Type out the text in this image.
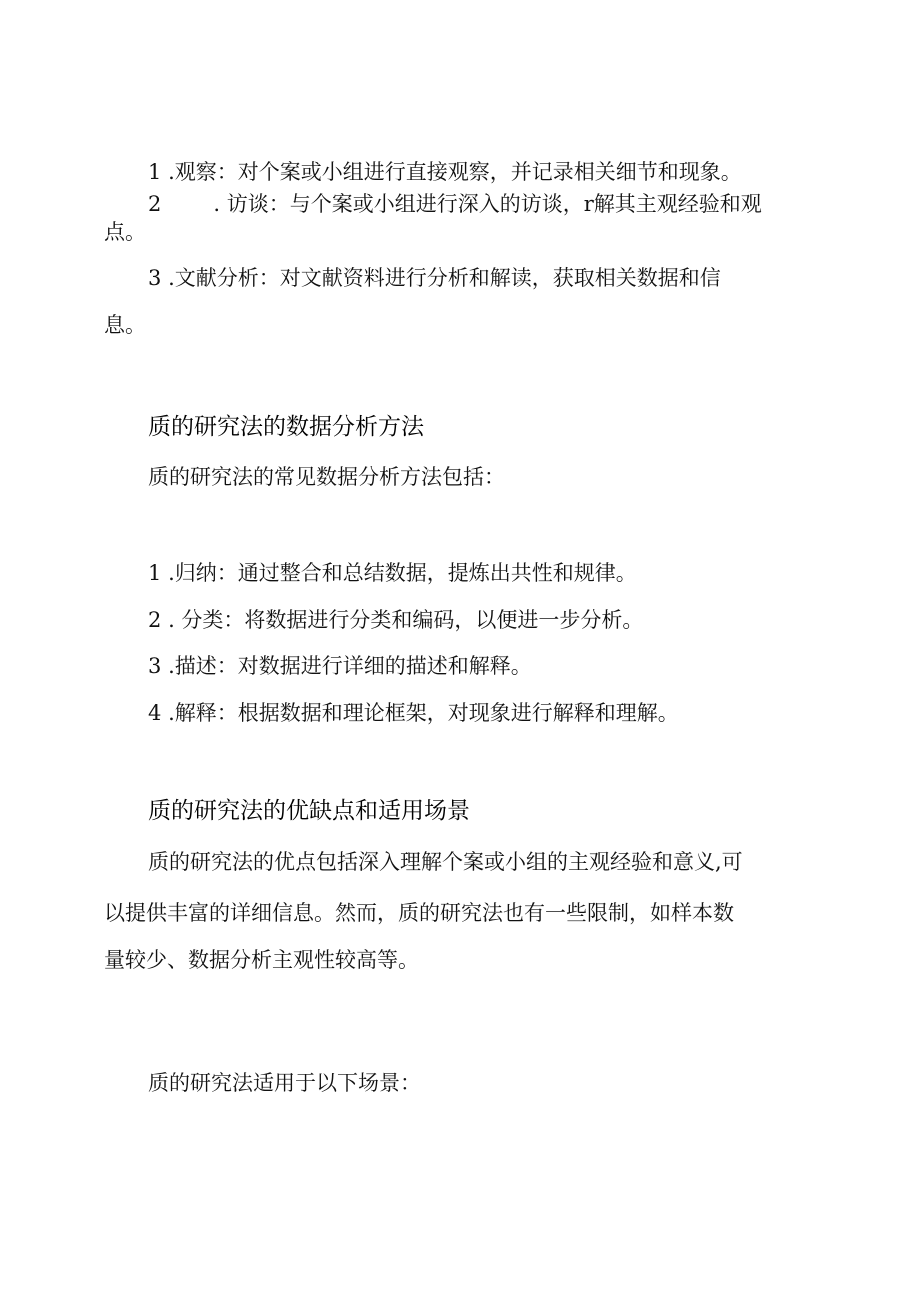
1 .观察：对个案或小组进行直接观察，并记录相关细节和现象。
2 . 访谈：与个案或小组进行深入的访谈，r解其主观经验和观
点。
3 .文献分析：对文献资料进行分析和解读，获取相关数据和信
息。
质的研究法的数据分析方法
质的研究法的常见数据分析方法包括：
1 .归纳：通过整合和总结数据，提炼出共性和规律。
2 . 分类：将数据进行分类和编码，以便进一步分析。
3 .描述：对数据进行详细的描述和解释。
4 .解释：根据数据和理论框架，对现象进行解释和理解。
质的研究法的优缺点和适用场景
质的研究法的优点包括深入理解个案或小组的主观经验和意义,可
以提供丰富的详细信息。然而，质的研究法也有一些限制，如样本数
量较少、数据分析主观性较高等。
质的研究法适用于以下场景：
